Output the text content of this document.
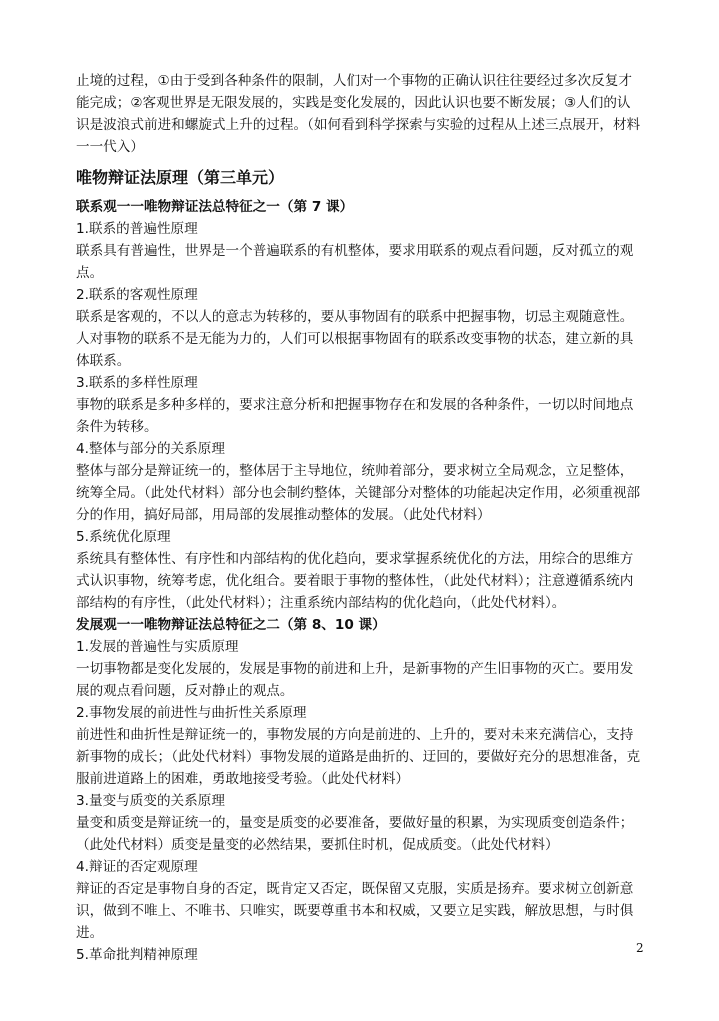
止境的过程，①由于受到各种条件的限制，人们对一个事物的正确认识往往要经过多次反复才能完成；②客观世界是无限发展的，实践是变化发展的，因此认识也要不断发展；③人们的认识是波浪式前进和螺旋式上升的过程。（如何看到科学探索与实验的过程从上述三点展开，材料一一代入）

唯物辩证法原理（第三单元）
联系观一一唯物辩证法总特征之一（第 7 课）
1.联系的普遍性原理

联系具有普遍性，世界是一个普遍联系的有机整体，要求用联系的观点看问题，反对孤立的观点。

2.联系的客观性原理

联系是客观的，不以人的意志为转移的，要从事物固有的联系中把握事物，切忌主观随意性。人对事物的联系不是无能为力的，人们可以根据事物固有的联系改变事物的状态，建立新的具体联系。

3.联系的多样性原理

事物的联系是多种多样的，要求注意分析和把握事物存在和发展的各种条件，一切以时间地点条件为转移。

4.整体与部分的关系原理

整体与部分是辩证统一的，整体居于主导地位，统帅着部分，要求树立全局观念，立足整体，统筹全局。（此处代材料）部分也会制约整体，关键部分对整体的功能起决定作用，必须重视部分的作用，搞好局部，用局部的发展推动整体的发展。（此处代材料）

5.系统优化原理

系统具有整体性、有序性和内部结构的优化趋向，要求掌握系统优化的方法，用综合的思维方式认识事物，统筹考虑，优化组合。要着眼于事物的整体性，（此处代材料）；注意遵循系统内部结构的有序性，（此处代材料）；注重系统内部结构的优化趋向，（此处代材料）。

发展观一一唯物辩证法总特征之二（第 8、10 课）
1.发展的普遍性与实质原理

一切事物都是变化发展的，发展是事物的前进和上升，是新事物的产生旧事物的灭亡。要用发展的观点看问题，反对静止的观点。

2.事物发展的前进性与曲折性关系原理

前进性和曲折性是辩证统一的，事物发展的方向是前进的、上升的，要对未来充满信心，支持新事物的成长；（此处代材料）事物发展的道路是曲折的、迂回的，要做好充分的思想准备，克服前进道路上的困难，勇敢地接受考验。（此处代材料）

3.量变与质变的关系原理

量变和质变是辩证统一的，量变是质变的必要准备，要做好量的积累，为实现质变创造条件；（此处代材料）质变是量变的必然结果，要抓住时机，促成质变。（此处代材料）

4.辩证的否定观原理

辩证的否定是事物自身的否定，既肯定又否定，既保留又克服，实质是扬弃。要求树立创新意识，做到不唯上、不唯书、只唯实，既要尊重书本和权威，又要立足实践，解放思想，与时俱进。

5.革命批判精神原理	2
